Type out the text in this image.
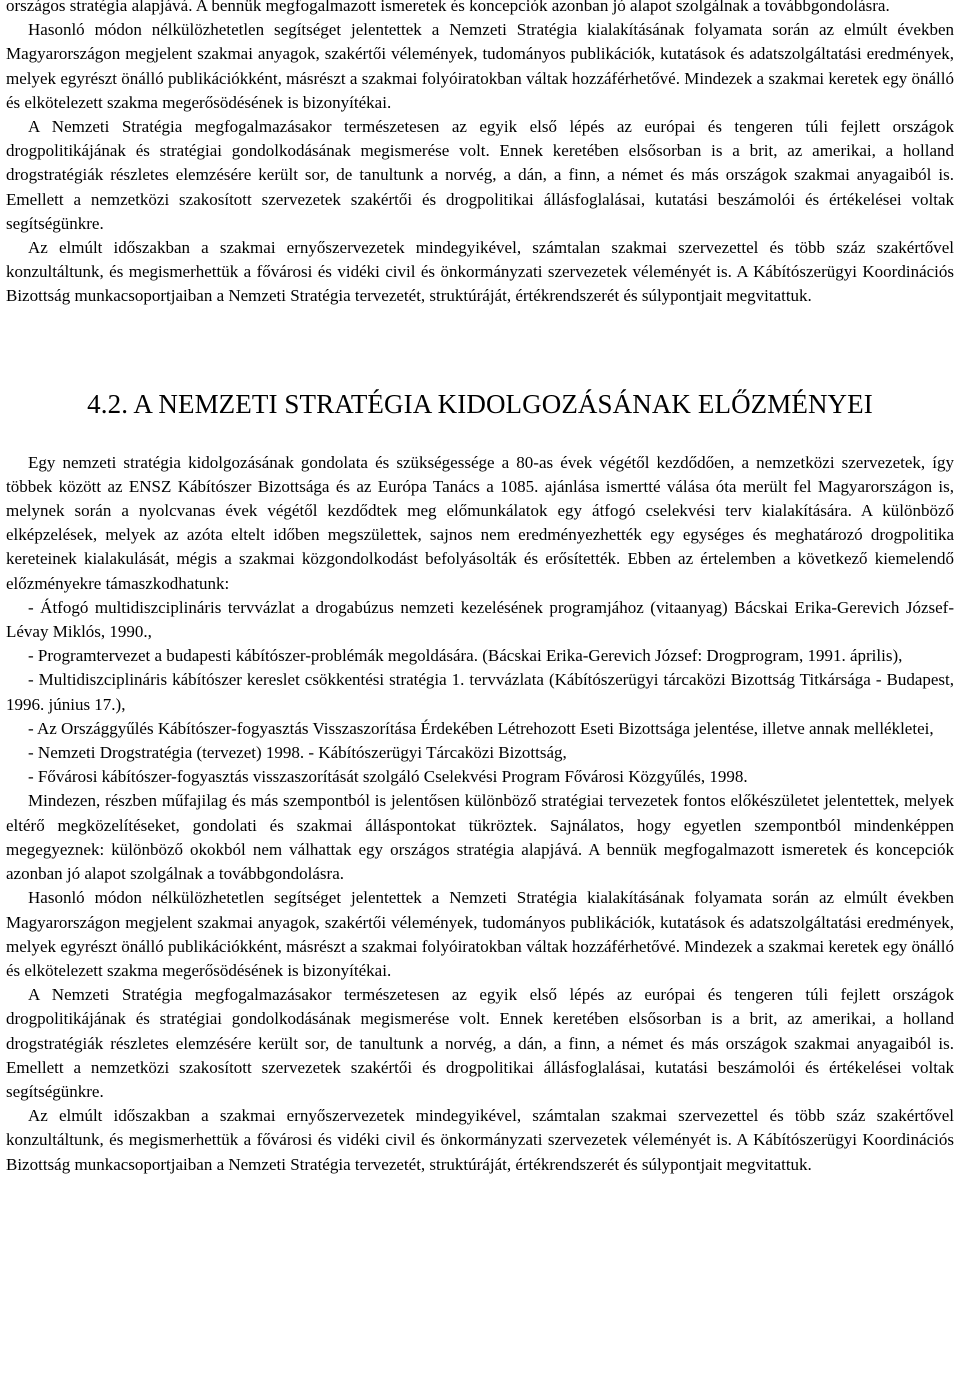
országos stratégia alapjává. A bennük megfogalmazott ismeretek és koncepciók azonban jó alapot szolgálnak a továbbgondolásra.

Hasonló módon nélkülözhetetlen segítséget jelentettek a Nemzeti Stratégia kialakításának folyamata során az elmúlt években Magyarországon megjelent szakmai anyagok, szakértői vélemények, tudományos publikációk, kutatások és adatszolgáltatási eredmények, melyek egyrészt önálló publikációkként, másrészt a szakmai folyóiratokban váltak hozzáférhetővé. Mindezek a szakmai keretek egy önálló és elkötelezett szakma megerősödésének is bizonyítékai.

A Nemzeti Stratégia megfogalmazásakor természetesen az egyik első lépés az európai és tengeren túli fejlett országok drogpolitikájának és stratégiai gondolkodásának megismerése volt. Ennek keretében elsősorban is a brit, az amerikai, a holland drogstratégiák részletes elemzésére került sor, de tanultunk a norvég, a dán, a finn, a német és más országok szakmai anyagaiból is. Emellett a nemzetközi szakosított szervezetek szakértői és drogpolitikai állásfoglalásai, kutatási beszámolói és értékelései voltak segítségünkre.

Az elmúlt időszakban a szakmai ernyőszervezetek mindegyikével, számtalan szakmai szervezettel és több száz szakértővel konzultáltunk, és megismerhettük a fővárosi és vidéki civil és önkormányzati szervezetek véleményét is. A Kábítószerügyi Koordinációs Bizottság munkacsoportjaiban a Nemzeti Stratégia tervezetét, struktúráját, értékrendszerét és súlypontjait megvitattuk.

4.2. A NEMZETI STRATÉGIA KIDOLGOZÁSÁNAK ELŐZMÉNYEI

Egy nemzeti stratégia kidolgozásának gondolata és szükségessége a 80-as évek végétől kezdődően, a nemzetközi szervezetek, így többek között az ENSZ Kábítószer Bizottsága és az Európa Tanács a 1085. ajánlása ismertté válása óta merült fel Magyarországon is, melynek során a nyolcvanas évek végétől kezdődtek meg előmunkálatok egy átfogó cselekvési terv kialakítására. A különböző elképzelések, melyek az azóta eltelt időben megszülettek, sajnos nem eredményezhették egy egységes és meghatározó drogpolitika kereteinek kialakulását, mégis a szakmai közgondolkodást befolyásolták és erősítették. Ebben az értelemben a következő kiemelendő előzményekre támaszkodhatunk:

- Átfogó multidiszciplináris tervvázlat a drogabúzus nemzeti kezelésének programjához (vitaanyag) Bácskai Erika-Gerevich József-Lévay Miklós, 1990.,

- Programtervezet a budapesti kábítószer-problémák megoldására. (Bácskai Erika-Gerevich József: Drogprogram, 1991. április),

- Multidiszciplináris kábítószer kereslet csökkentési stratégia 1. tervvázlata (Kábítószerügyi tárcaközi Bizottság Titkársága - Budapest, 1996. június 17.),

- Az Országgyűlés Kábítószer-fogyasztás Visszaszorítása Érdekében Létrehozott Eseti Bizottsága jelentése, illetve annak mellékletei,

- Nemzeti Drogstratégia (tervezet) 1998. - Kábítószerügyi Tárcaközi Bizottság,

- Fővárosi kábítószer-fogyasztás visszaszorítását szolgáló Cselekvési Program Fővárosi Közgyűlés, 1998.

Mindezen, részben műfajilag és más szempontból is jelentősen különböző stratégiai tervezetek fontos előkészületet jelentettek, melyek eltérő megközelítéseket, gondolati és szakmai álláspontokat tükröztek. Sajnálatos, hogy egyetlen szempontból mindenképpen megegyeznek: különböző okokból nem válhattak egy országos stratégia alapjává. A bennük megfogalmazott ismeretek és koncepciók azonban jó alapot szolgálnak a továbbgondolásra.

Hasonló módon nélkülözhetetlen segítséget jelentettek a Nemzeti Stratégia kialakításának folyamata során az elmúlt években Magyarországon megjelent szakmai anyagok, szakértői vélemények, tudományos publikációk, kutatások és adatszolgáltatási eredmények, melyek egyrészt önálló publikációkként, másrészt a szakmai folyóiratokban váltak hozzáférhetővé. Mindezek a szakmai keretek egy önálló és elkötelezett szakma megerősödésének is bizonyítékai.

A Nemzeti Stratégia megfogalmazásakor természetesen az egyik első lépés az európai és tengeren túli fejlett országok drogpolitikájának és stratégiai gondolkodásának megismerése volt. Ennek keretében elsősorban is a brit, az amerikai, a holland drogstratégiák részletes elemzésére került sor, de tanultunk a norvég, a dán, a finn, a német és más országok szakmai anyagaiból is. Emellett a nemzetközi szakosított szervezetek szakértői és drogpolitikai állásfoglalásai, kutatási beszámolói és értékelései voltak segítségünkre.

Az elmúlt időszakban a szakmai ernyőszervezetek mindegyikével, számtalan szakmai szervezettel és több száz szakértővel konzultáltunk, és megismerhettük a fővárosi és vidéki civil és önkormányzati szervezetek véleményét is. A Kábítószerügyi Koordinációs Bizottság munkacsoportjaiban a Nemzeti Stratégia tervezetét, struktúráját, értékrendszerét és súlypontjait megvitattuk.
